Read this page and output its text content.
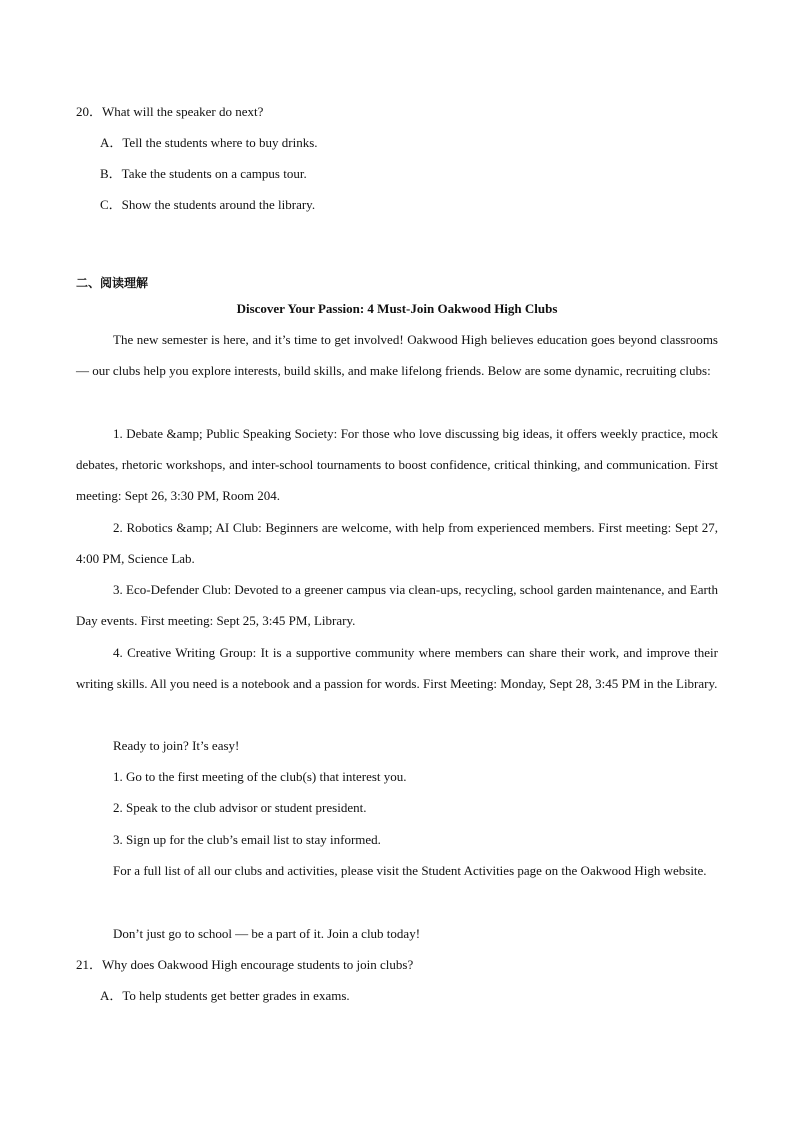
20．What will the speaker do next?

A．Tell the students where to buy drinks.

B．Take the students on a campus tour.

C．Show the students around the library.

二、阅读理解

Discover Your Passion: 4 Must-Join Oakwood High Clubs

The new semester is here, and it’s time to get involved! Oakwood High believes education goes beyond classrooms — our clubs help you explore interests, build skills, and make lifelong friends. Below are some dynamic, recruiting clubs:

1. Debate &amp; Public Speaking Society: For those who love discussing big ideas, it offers weekly practice, mock debates, rhetoric workshops, and inter-school tournaments to boost confidence, critical thinking, and communication. First meeting: Sept 26, 3:30 PM, Room 204.

2. Robotics &amp; AI Club: Beginners are welcome, with help from experienced members. First meeting: Sept 27, 4:00 PM, Science Lab.

3. Eco-Defender Club: Devoted to a greener campus via clean-ups, recycling, school garden maintenance, and Earth Day events. First meeting: Sept 25, 3:45 PM, Library.

4. Creative Writing Group: It is a supportive community where members can share their work, and improve their writing skills. All you need is a notebook and a passion for words. First Meeting: Monday, Sept 28, 3:45 PM in the Library.

Ready to join? It’s easy!

1. Go to the first meeting of the club(s) that interest you.

2. Speak to the club advisor or student president.

3. Sign up for the club’s email list to stay informed.

For a full list of all our clubs and activities, please visit the Student Activities page on the Oakwood High website.

Don’t just go to school — be a part of it. Join a club today!

21．Why does Oakwood High encourage students to join clubs?

A．To help students get better grades in exams.
